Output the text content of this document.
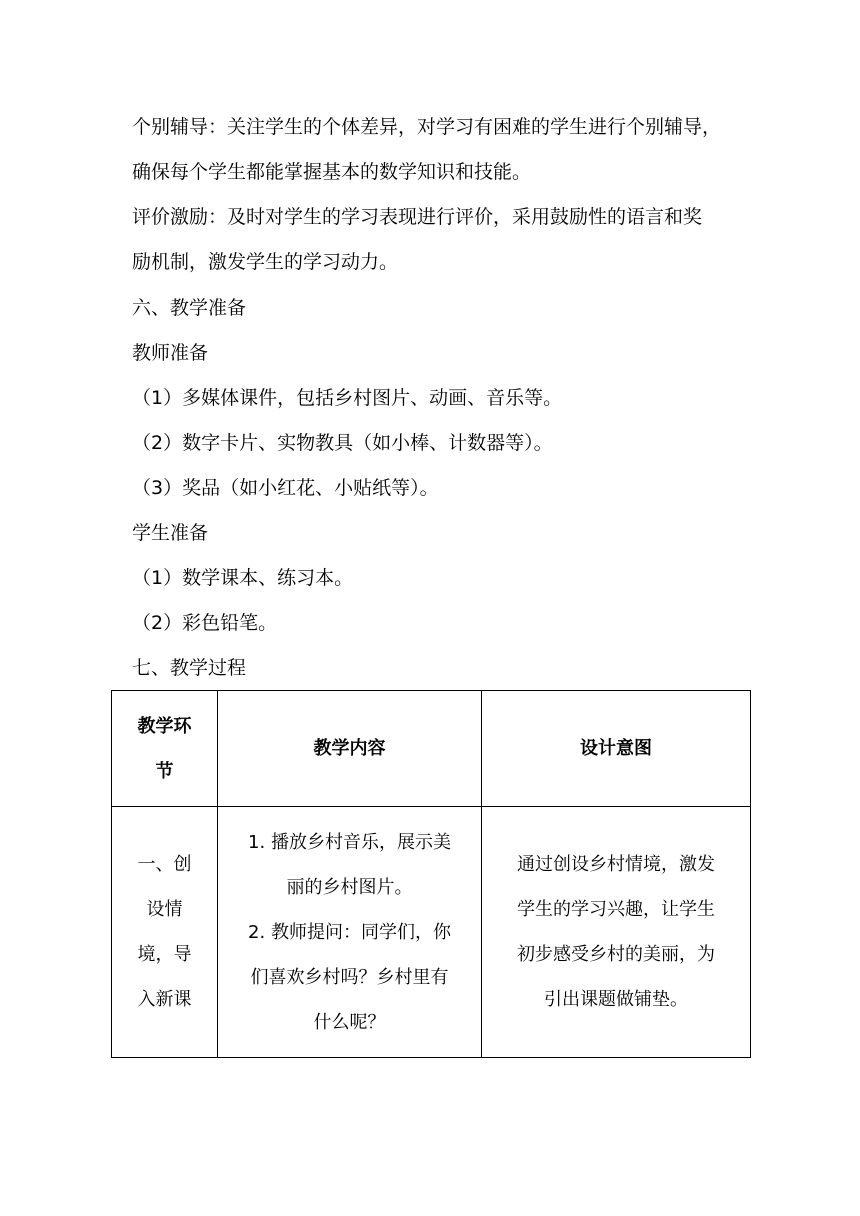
个别辅导：关注学生的个体差异，对学习有困难的学生进行个别辅导，
确保每个学生都能掌握基本的数学知识和技能。

评价激励：及时对学生的学习表现进行评价，采用鼓励性的语言和奖
励机制，激发学生的学习动力。

六、教学准备

教师准备

（1）多媒体课件，包括乡村图片、动画、音乐等。

（2）数字卡片、实物教具（如小棒、计数器等）。

（3）奖品（如小红花、小贴纸等）。

学生准备

（1）数学课本、练习本。

（2）彩色铅笔。

七、教学过程

教学环
节	教学内容	设计意图

一、创
设情
境，导
入新课	1. 播放乡村音乐，展示美
丽的乡村图片。
2. 教师提问：同学们，你
们喜欢乡村吗？乡村里有
什么呢？	通过创设乡村情境，激发
学生的学习兴趣，让学生
初步感受乡村的美丽，为
引出课题做铺垫。
